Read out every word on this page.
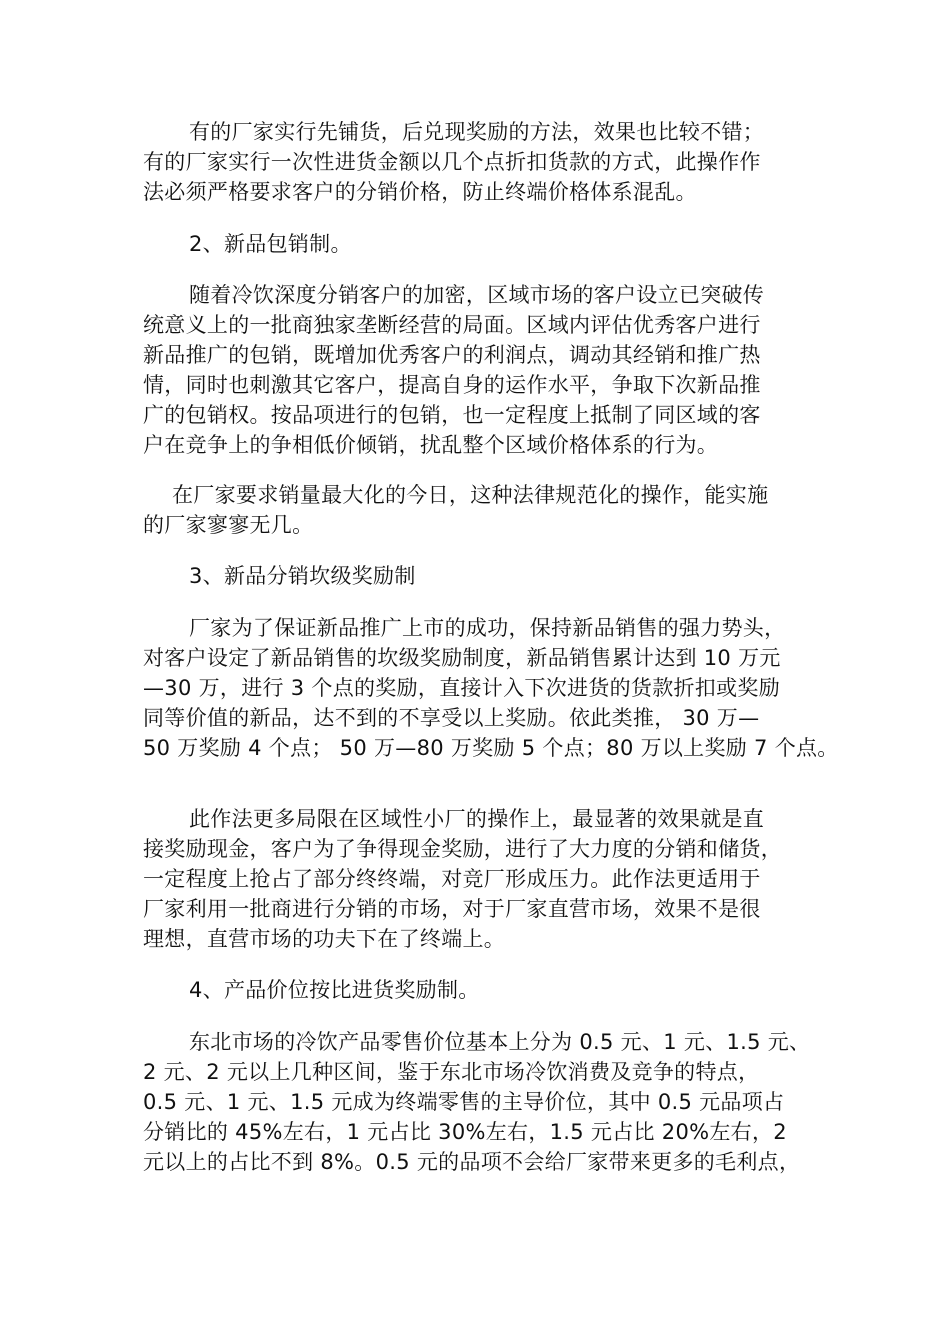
有的厂家实行先铺货，后兑现奖励的方法，效果也比较不错；

有的厂家实行一次性进货金额以几个点折扣货款的方式，此操作作

法必须严格要求客户的分销价格，防止终端价格体系混乱。

2、新品包销制。

随着冷饮深度分销客户的加密，区域市场的客户设立已突破传

统意义上的一批商独家垄断经营的局面。区域内评估优秀客户进行

新品推广的包销，既增加优秀客户的利润点，调动其经销和推广热

情，同时也刺激其它客户，提高自身的运作水平，争取下次新品推

广的包销权。按品项进行的包销，也一定程度上抵制了同区域的客

户在竞争上的争相低价倾销，扰乱整个区域价格体系的行为。

在厂家要求销量最大化的今日，这种法律规范化的操作，能实施

的厂家寥寥无几。

3、新品分销坎级奖励制

厂家为了保证新品推广上市的成功，保持新品销售的强力势头，

对客户设定了新品销售的坎级奖励制度，新品销售累计达到 10 万元

—30 万，进行 3 个点的奖励，直接计入下次进货的货款折扣或奖励

同等价值的新品，达不到的不享受以上奖励。依此类推， 30 万—

50 万奖励 4 个点； 50 万—80 万奖励 5 个点；80 万以上奖励 7 个点。

此作法更多局限在区域性小厂的操作上，最显著的效果就是直

接奖励现金，客户为了争得现金奖励，进行了大力度的分销和储货，

一定程度上抢占了部分终终端，对竞厂形成压力。此作法更适用于

厂家利用一批商进行分销的市场，对于厂家直营市场，效果不是很

理想，直营市场的功夫下在了终端上。

4、产品价位按比进货奖励制。

东北市场的冷饮产品零售价位基本上分为 0.5 元、1 元、1.5 元、

2 元、2 元以上几种区间，鉴于东北市场冷饮消费及竞争的特点，

0.5 元、1 元、1.5 元成为终端零售的主导价位，其中 0.5 元品项占

分销比的 45%左右，1 元占比 30%左右，1.5 元占比 20%左右，2

元以上的占比不到 8%。0.5 元的品项不会给厂家带来更多的毛利点，
